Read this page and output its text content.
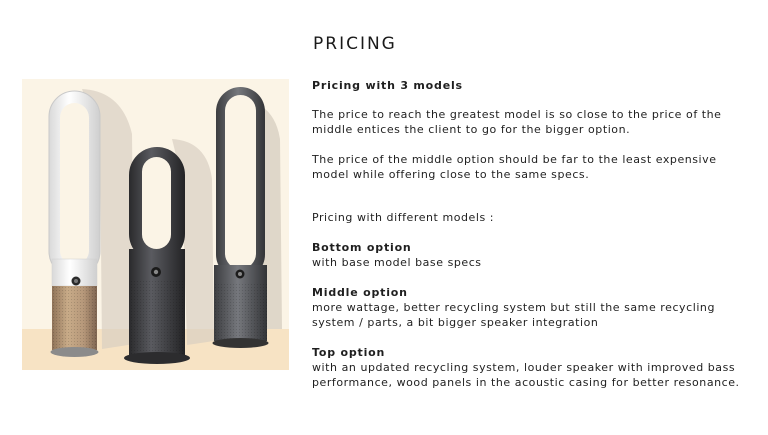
PRICING

Pricing with 3 models

The price to reach the greatest model is so close to the price of the middle entices the client to go for the bigger option.

The price of the middle option should be far to the least expensive model while offering close to the same specs.

Pricing with different models :

Bottom option

with base model base specs

Middle option

more wattage, better recycling system but still the same recycling system / parts, a bit bigger speaker integration

Top option

with an updated recycling system, louder speaker with improved bass performance, wood panels in the acoustic casing for better resonance.
